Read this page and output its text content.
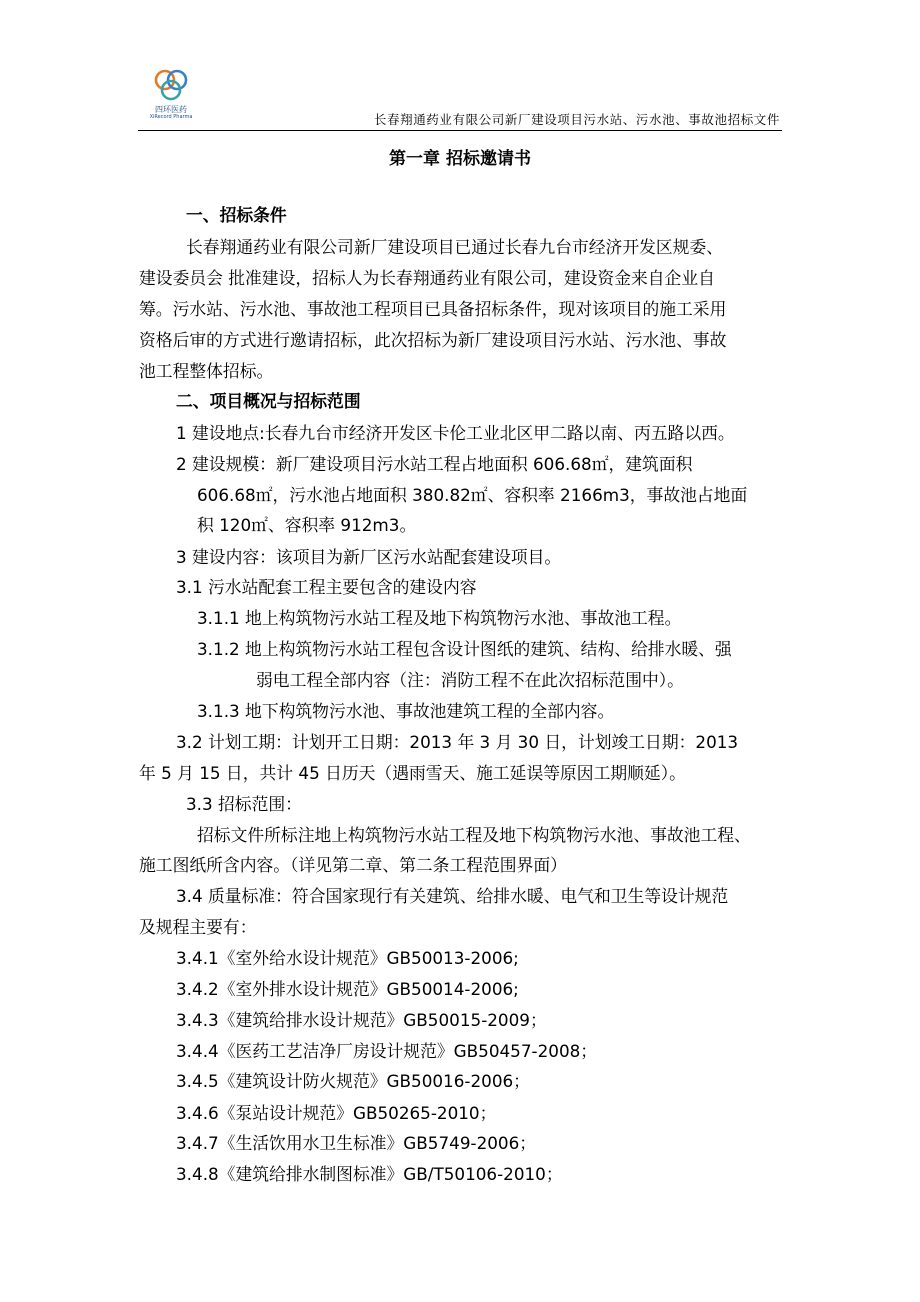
四环医药
XiRecord Pharma	长春翔通药业有限公司新厂建设项目污水站、污水池、事故池招标文件
第一章 招标邀请书
一、招标条件
长春翔通药业有限公司新厂建设项目已通过长春九台市经济开发区规委、
建设委员会 批准建设，招标人为长春翔通药业有限公司，建设资金来自企业自
筹。污水站、污水池、事故池工程项目已具备招标条件，现对该项目的施工采用
资格后审的方式进行邀请招标，此次招标为新厂建设项目污水站、污水池、事故
池工程整体招标。
二、项目概况与招标范围
1 建设地点:长春九台市经济开发区卡伦工业北区甲二路以南、丙五路以西。
2 建设规模：新厂建设项目污水站工程占地面积 606.68㎡，建筑面积
606.68㎡，污水池占地面积 380.82㎡、容积率 2166m3，事故池占地面
积 120㎡、容积率 912m3。
3 建设内容：该项目为新厂区污水站配套建设项目。
3.1 污水站配套工程主要包含的建设内容
3.1.1 地上构筑物污水站工程及地下构筑物污水池、事故池工程。
3.1.2 地上构筑物污水站工程包含设计图纸的建筑、结构、给排水暖、强
弱电工程全部内容（注：消防工程不在此次招标范围中）。
3.1.3 地下构筑物污水池、事故池建筑工程的全部内容。
3.2 计划工期：计划开工日期：2013 年 3 月 30 日，计划竣工日期：2013
年 5 月 15 日，共计 45 日历天（遇雨雪天、施工延误等原因工期顺延）。
3.3 招标范围：
招标文件所标注地上构筑物污水站工程及地下构筑物污水池、事故池工程、
施工图纸所含内容。（详见第二章、第二条工程范围界面）
3.4 质量标准：符合国家现行有关建筑、给排水暖、电气和卫生等设计规范
及规程主要有：
3.4.1《室外给水设计规范》GB50013-2006;
3.4.2《室外排水设计规范》GB50014-2006;
3.4.3《建筑给排水设计规范》GB50015-2009；
3.4.4《医药工艺洁净厂房设计规范》GB50457-2008；
3.4.5《建筑设计防火规范》GB50016-2006；
3.4.6《泵站设计规范》GB50265-2010；
3.4.7《生活饮用水卫生标准》GB5749-2006；
3.4.8《建筑给排水制图标准》GB/T50106-2010；
